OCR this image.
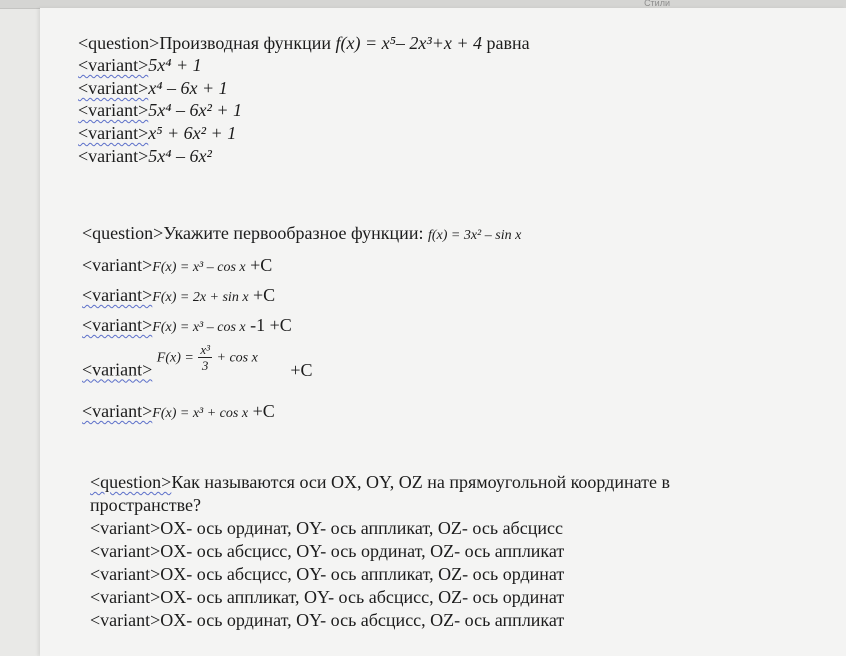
Стили
<question>Производная функции f(x) = x⁵– 2x³+x + 4 равна
<variant>5x⁴ + 1
<variant>x⁴ – 6x + 1
<variant>5x⁴ – 6x² + 1
<variant>x⁵ + 6x² + 1
<variant>5x⁴ – 6x²
<question>Укажите первообразное функции: f(x) = 3x² – sin x
<variant>F(x) = x³ – cos x +C
<variant>F(x) = 2x + sin x +C
<variant>F(x) = x³ – cos x -1 +C
<variant> $F(x) = \frac{\text{x³}}{3} + \cos x +C$
<variant>F(x) = x³ + cos x +C
<question>Как называются оси OX, OY, OZ на прямоугольной координате в
пространстве?
<variant>OX- ось ординат, OY- ось аппликат, OZ- ось абсцисс
<variant>OX- ось абсцисс, OY- ось ординат, OZ- ось аппликат
<variant>OX- ось абсцисс, OY- ось аппликат, OZ- ось ординат
<variant>OX- ось аппликат, OY- ось абсцисс, OZ- ось ординат
<variant>OX- ось ординат, OY- ось абсцисс, OZ- ось аппликат
